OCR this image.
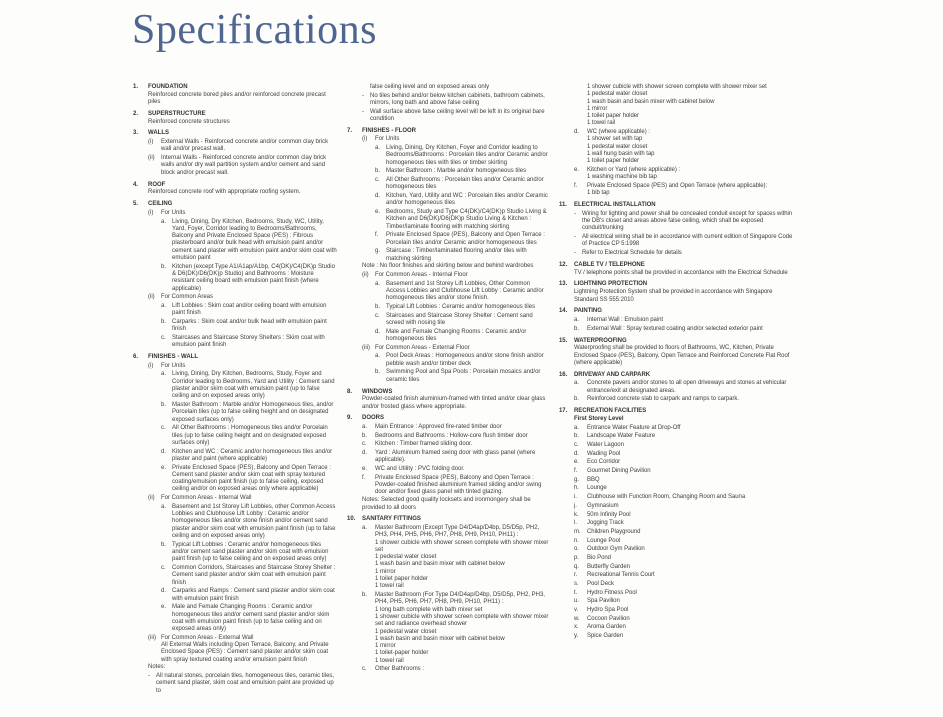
Specifications
1.	FOUNDATION
Reinforced concrete bored piles and/or reinforced concrete precast piles
2.	SUPERSTRUCTURE
Reinforced concrete structures
3.	WALLS
(i)	External Walls - Reinforced concrete and/or common clay brick wall and/or precast wall.
(ii)	Internal Walls - Reinforced concrete and/or common clay brick walls and/or dry wall partition system and/or cement and sand block and/or precast wall.
4.	ROOF
Reinforced concrete roof with appropriate roofing system.
5.	CEILING
(i)	For Units
a. Living, Dining, Dry Kitchen, Bedrooms, Study, WC, Utility, Yard, Foyer, Corridor leading to Bedrooms/Bathrooms, Balcony and Private Enclosed Space (PES) : Fibrous plasterboard and/or bulk head with emulsion paint and/or cement sand plaster with emulsion paint and/or skim coat with emulsion paint
b. Kitchen (except Type A1/A1ap/A1bp, C4(DK)/C4(DK)p Studio & D6(DK)/D6(DK)p Studio) and Bathrooms : Moisture resistant ceiling board with emulsion paint finish (where applicable)
(ii)	For Common Areas
a. Lift Lobbies : Skim coat and/or ceiling board with emulsion paint finish
b. Carparks : Skim coat and/or bulk head with emulsion paint finish
c.	Staircases and Staircase Storey Shelters : Skim coat with emulsion paint finish
6.	FINISHES - WALL
(i)	For Units
a. Living, Dining, Dry Kitchen, Bedrooms, Study, Foyer and Corridor leading to Bedrooms, Yard and Utility : Cement sand plaster and/or skim coat with emulsion paint (up to false ceiling and on exposed areas only)
b. Master Bathroom : Marble and/or Homogeneous tiles, and/or Porcelain tiles (up to false ceiling height and on designated exposed surfaces only)
c.	All Other Bathrooms : Homogeneous tiles and/or Porcelain tiles (up to false ceiling height and on designated exposed surfaces only)
d. Kitchen and WC : Ceramic and/or homogeneous tiles and/or plaster and paint (where applicable)
e. Private Enclosed Space (PES), Balcony and Open Terrace : Cement sand plaster and/or skim coat with spray textured coating/emulsion paint finish (up to false ceiling, exposed ceiling and/or on exposed areas only where applicable)
(ii)	For Common Areas - Internal Wall
a. Basement and 1st Storey Lift Lobbies, other Common Access Lobbies and Clubhouse Lift Lobby : Ceramic and/or homogeneous tiles and/or stone finish and/or cement sand plaster and/or skim coat with emulsion paint finish (up to false ceiling and on exposed areas only)
b. Typical Lift Lobbies : Ceramic and/or homogeneous tiles and/or cement sand plaster and/or skim coat with emulsion paint finish (up to false ceiling and on exposed areas only)
c.	Common Corridors, Staircases and Staircase Storey Shelter : Cement sand plaster and/or skim coat with emulsion paint finish
d. Carparks and Ramps : Cement sand plaster and/or skim coat with emulsion paint finish
e. Male and Female Changing Rooms : Ceramic and/or homogeneous tiles and/or cement sand plaster and/or skim coat with emulsion paint finish (up to false ceiling and on exposed areas only)
(iii) For Common Areas - External Wall
All External Walls including Open Terrace, Balcony, and Private Enclosed Space (PES) : Cement sand plaster and/or skim coat with spray textured coating and/or emulsion paint finish
Notes:
-	All natural stones, porcelain tiles, homogeneous tiles, ceramic tiles, cement sand plaster, skim coat and emulsion paint are provided up to
false ceiling level and on exposed areas only
-	No tiles behind and/or below kitchen cabinets, bathroom cabinets, mirrors, long bath and above false ceiling
-	Wall surface above false ceiling level will be left in its original bare condition
7.	FINISHES - FLOOR
(i)	For Units
a. Living, Dining, Dry Kitchen, Foyer and Corridor leading to Bedrooms/Bathrooms : Porcelain tiles and/or Ceramic and/or homogeneous tiles with tiles or timber skirting
b. Master Bathroom : Marble and/or homogeneous tiles
c.	All Other Bathrooms : Porcelain tiles and/or Ceramic and/or homogeneous tiles
d. Kitchen, Yard, Utility and WC : Porcelain tiles and/or Ceramic and/or homogeneous tiles
e. Bedrooms, Study and Type C4(DK)/C4(DK)p Studio Living & Kitchen and D6(DK)/D6(DK)p Studio Living & Kitchen : Timber/laminate flooring with matching skirting
f.	Private Enclosed Space (PES), Balcony and Open Terrace : Porcelain tiles and/or Ceramic and/or homogeneous tiles
g. Staircase : Timber/laminated flooring and/or tiles with matching skirting
Note : No floor finishes and skirting below and behind wardrobes
(ii)	For Common Areas - Internal Floor
a. Basement and 1st Storey Lift Lobbies, Other Common Access Lobbies and Clubhouse Lift Lobby : Ceramic and/or homogeneous tiles and/or stone finish.
b. Typical Lift Lobbies : Ceramic and/or homogeneous tiles
c.	Staircases and Staircase Storey Shelter : Cement sand screed with nosing tile
d. Male and Female Changing Rooms : Ceramic and/or homogeneous tiles
(iii) For Common Areas - External Floor
a. Pool Deck Areas : Homogeneous and/or stone finish and/or pebble wash and/or timber deck
b. Swimming Pool and Spa Pools : Porcelain mosaics and/or ceramic tiles
8.	WINDOWS
Powder-coated finish aluminium-framed with tinted and/or clear glass and/or frosted glass where appropriate.
9.	DOORS
a.	Main Entrance : Approved fire-rated timber door
b.	Bedrooms and Bathrooms : Hollow-core flush timber door
c.	Kitchen : Timber framed sliding door.
d.	Yard : Aluminium framed swing door with glass panel (where applicable).
e.	WC and Utility : PVC folding door.
f.	Private Enclosed Space (PES), Balcony and Open Terrace : Powder-coated finished aluminium framed sliding and/or swing door and/or fixed glass panel with tinted glazing.
Notes: Selected good quality locksets and ironmongery shall be provided to all doors
10.	SANITARY FITTINGS
a.	Master Bathroom (Except Type D4/D4ap/D4bp, D5/D5p, PH2, PH3, PH4, PH5, PH6, PH7, PH8, PH9, PH10, PH11) :
1 shower cubicle with shower screen complete with shower mixer set
1 pedestal water closet
1 wash basin and basin mixer with cabinet below
1 mirror
1 toilet paper holder
1 towel rail
b.	Master Bathroom (For Type D4/D4ap/D4bp, D5/D5p, PH2, PH3, PH4, PH5, PH6, PH7, PH8, PH9, PH10, PH11) :
1 long bath complete with bath mixer set
1 shower cubicle with shower screen complete with shower mixer set and radiance overhead shower
1 pedestal water closet
1 wash basin and basin mixer with cabinet below
1 mirror
1 toilet-paper holder
1 towel rail
c.	Other Bathrooms :
1 shower cubicle with shower screen complete with shower mixer set
1 pedestal water closet
1 wash basin and basin mixer with cabinet below
1 mirror
1 toilet paper holder
1 towel rail
d.	WC (where applicable) :
1 shower set with tap
1 pedestal water closet
1 wall hung basin with tap
1 toilet paper holder
e.	Kitchen or Yard (where applicable) :
1 washing machine bib tap
f.	Private Enclosed Space (PES) and Open Terrace (where applicable):
1 bib tap
11.	ELECTRICAL INSTALLATION
-	Wiring for lighting and power shall be concealed conduit except for spaces within the DB's closet and areas above false ceiling, which shall be exposed conduit/trunking
-	All electrical wiring shall be in accordance with current edition of Singapore Code of Practice CP 5:1998
-	Refer to Electrical Schedule for details
12.	CABLE TV / TELEPHONE
TV / telephone points shall be provided in accordance with the Electrical Schedule
13.	LIGHTNING PROTECTION
Lightning Protection System shall be provided in accordance with Singapore Standard SS 555:2010
14.	PAINTING
a.	Internal Wall : Emulsion paint
b.	External Wall : Spray textured coating and/or selected exterior paint
15.	WATERPROOFING
Waterproofing shall be provided to floors of Bathrooms, WC, Kitchen, Private Enclosed Space (PES), Balcony, Open Terrace and Reinforced Concrete Flat Roof (where applicable)
16.	DRIVEWAY AND CARPARK
a.	Concrete pavers and/or stones to all open driveways and stones at vehicular entrance/exit at designated areas.
b.	Reinforced concrete slab to carpark and ramps to carpark.
17.	RECREATION FACILITIES
First Storey Level
a.	Entrance Water Feature at Drop-Off
b.	Landscape Water Feature
c.	Water Lagoon
d.	Wading Pool
e.	Eco Corridor
f.	Gourmet Dining Pavilion
g.	BBQ
h.	Lounge
i.	Clubhouse with Function Room, Changing Room and Sauna
j.	Gymnasium
k.	50m Infinity Pool
l.	Jogging Track
m.	Children Playground
n.	Lounge Pool
o.	Outdoor Gym Pavilion
p.	Bio Pond
q.	Butterfly Garden
r.	Recreational Tennis Court
s.	Pool Deck
t.	Hydro Fitness Pool
u.	Spa Pavilion
v.	Hydro Spa Pool
w.	Cocoon Pavilion
x.	Aroma Garden
y.	Spice Garden
